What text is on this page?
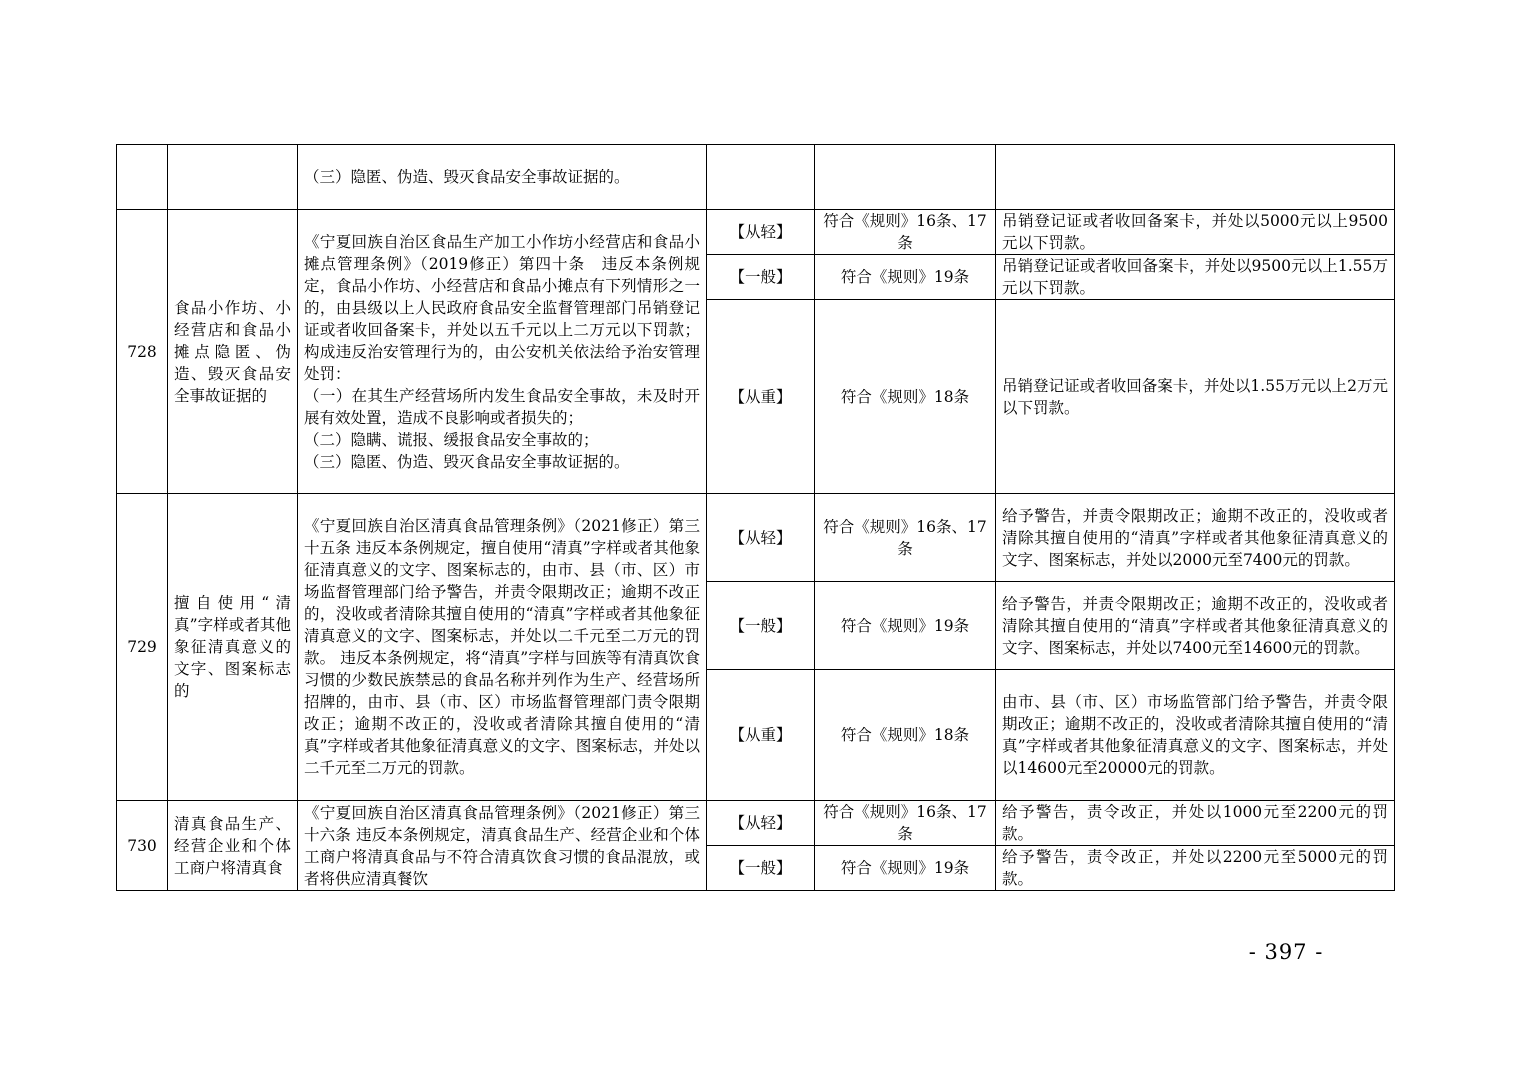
		（三）隐匿、伪造、毁灭食品安全事故证据的。			

728	食品小作坊、小经营店和食品小摊点隐匿、伪造、毁灭食品安全事故证据的	《宁夏回族自治区食品生产加工小作坊小经营店和食品小摊点管理条例》（2019修正）第四十条　违反本条例规定，食品小作坊、小经营店和食品小摊点有下列情形之一的，由县级以上人民政府食品安全监督管理部门吊销登记证或者收回备案卡，并处以五千元以上二万元以下罚款；构成违反治安管理行为的，由公安机关依法给予治安管理处罚：
（一）在其生产经营场所内发生食品安全事故，未及时开展有效处置，造成不良影响或者损失的；
（二）隐瞒、谎报、缓报食品安全事故的；
（三）隐匿、伪造、毁灭食品安全事故证据的。	【从轻】	符合《规则》16条、17条	吊销登记证或者收回备案卡，并处以5000元以上9500元以下罚款。
			【一般】	符合《规则》19条	吊销登记证或者收回备案卡，并处以9500元以上1.55万元以下罚款。
			【从重】	符合《规则》18条	吊销登记证或者收回备案卡，并处以1.55万元以上2万元以下罚款。
729	擅自使用“清真”字样或者其他象征清真意义的文字、图案标志的	《宁夏回族自治区清真食品管理条例》（2021修正）第三十五条 违反本条例规定，擅自使用“清真”字样或者其他象征清真意义的文字、图案标志的，由市、县（市、区）市场监督管理部门给予警告，并责令限期改正；逾期不改正的，没收或者清除其擅自使用的“清真”字样或者其他象征清真意义的文字、图案标志，并处以二千元至二万元的罚款。 违反本条例规定，将“清真”字样与回族等有清真饮食习惯的少数民族禁忌的食品名称并列作为生产、经营场所招牌的，由市、县（市、区）市场监督管理部门责令限期改正；逾期不改正的，没收或者清除其擅自使用的“清真”字样或者其他象征清真意义的文字、图案标志，并处以二千元至二万元的罚款。	【从轻】	符合《规则》16条、17条	给予警告，并责令限期改正；逾期不改正的，没收或者清除其擅自使用的“清真”字样或者其他象征清真意义的文字、图案标志，并处以2000元至7400元的罚款。
			【一般】	符合《规则》19条	给予警告，并责令限期改正；逾期不改正的，没收或者清除其擅自使用的“清真”字样或者其他象征清真意义的文字、图案标志，并处以7400元至14600元的罚款。
			【从重】	符合《规则》18条	由市、县（市、区）市场监管部门给予警告，并责令限期改正；逾期不改正的，没收或者清除其擅自使用的“清真”字样或者其他象征清真意义的文字、图案标志，并处以14600元至20000元的罚款。
730	清真食品生产、经营企业和个体工商户将清真食	《宁夏回族自治区清真食品管理条例》（2021修正）第三十六条 违反本条例规定，清真食品生产、经营企业和个体工商户将清真食品与不符合清真饮食习惯的食品混放，或者将供应清真餐饮	【从轻】	符合《规则》16条、17条	给予警告，责令改正，并处以1000元至2200元的罚款。
			【一般】	符合《规则》19条	给予警告，责令改正，并处以2200元至5000元的罚款。
- 397 -
